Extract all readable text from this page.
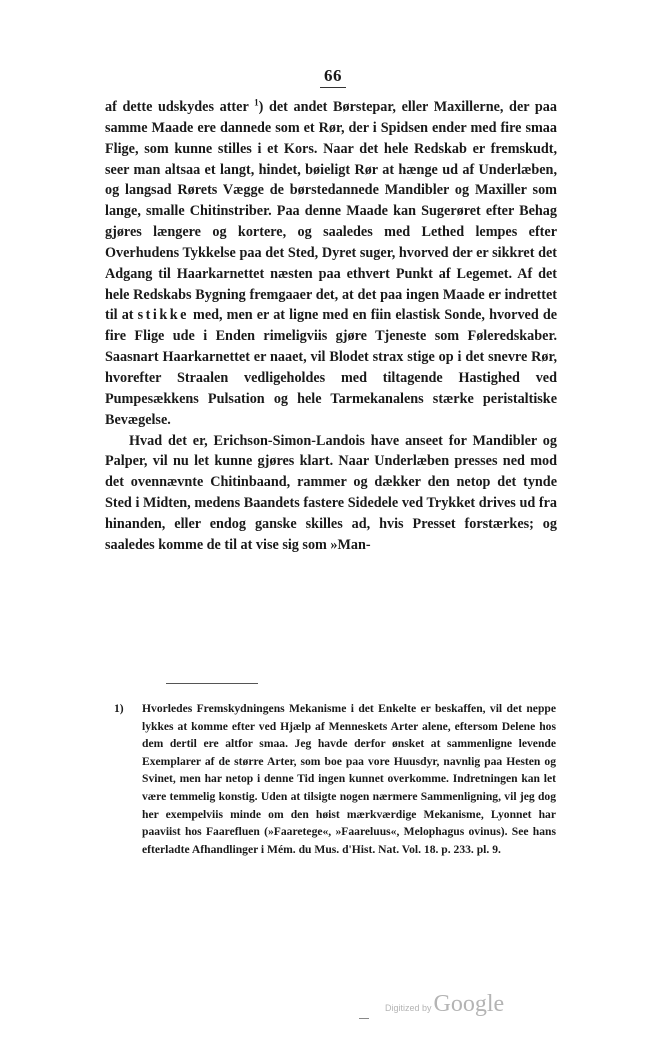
66

af dette udskydes atter $^1$) det andet Børstepar, eller Maxillerne, der paa samme Maade ere dannede som et Rør, der i Spidsen ender med fire smaa Flige, som kunne stilles i et Kors. Naar det hele Redskab er fremskudt, seer man altsaa et langt, hindet, bøieligt Rør at hænge ud af Underlæben, og langsad Rørets Vægge de børstedannede Mandibler og Maxiller som lange, smalle Chitinstriber. Paa denne Maade kan Sugerøret efter Behag gjøres længere og kortere, og saaledes med Lethed lempes efter Overhudens Tykkelse paa det Sted, Dyret suger, hvorved der er sikkret det Adgang til Haarkarnettet næsten paa ethvert Punkt af Legemet. Af det hele Redskabs Bygning fremgaaer det, at det paa ingen Maade er indrettet til at stikke med, men er at ligne med en fiin elastisk Sonde, hvorved de fire Flige ude i Enden rimeligviis gjøre Tjeneste som Føleredskaber. Saasnart Haarkarnettet er naaet, vil Blodet strax stige op i det snevre Rør, hvorefter Straalen vedligeholdes med tiltagende Hastighed ved Pumpesækkens Pulsation og hele Tarmekanalens stærke peristaltiske Bevægelse.

Hvad det er, Erichson-Simon-Landois have anseet for Mandibler og Palper, vil nu let kunne gjøres klart. Naar Underlæben presses ned mod det ovennævnte Chitinbaand, rammer og dækker den netop det tynde Sted i Midten, medens Baandets fastere Sidedele ved Trykket drives ud fra hinanden, eller endog ganske skilles ad, hvis Presset forstærkes; og saaledes komme de til at vise sig som »Man-

1) Hvorledes Fremskydningens Mekanisme i det Enkelte er beskaffen, vil det neppe lykkes at komme efter ved Hjælp af Menneskets Arter alene, eftersom Delene hos dem dertil ere altfor smaa. Jeg havde derfor ønsket at sammenligne levende Exemplarer af de større Arter, som boe paa vore Huusdyr, navnlig paa Hesten og Svinet, men har netop i denne Tid ingen kunnet overkomme. Indretningen kan let være temmelig konstig. Uden at tilsigte nogen nærmere Sammenligning, vil jeg dog her exempelviis minde om den høist mærkværdige Mekanisme, Lyonnet har paaviist hos Faarefluen (»Faaretege«, »Faareluus«, Melophagus ovinus). See hans efterladte Afhandlinger i Mém. du Mus. d'Hist. Nat. Vol. 18. p. 233. pl. 9.
Digitized byGoogle
